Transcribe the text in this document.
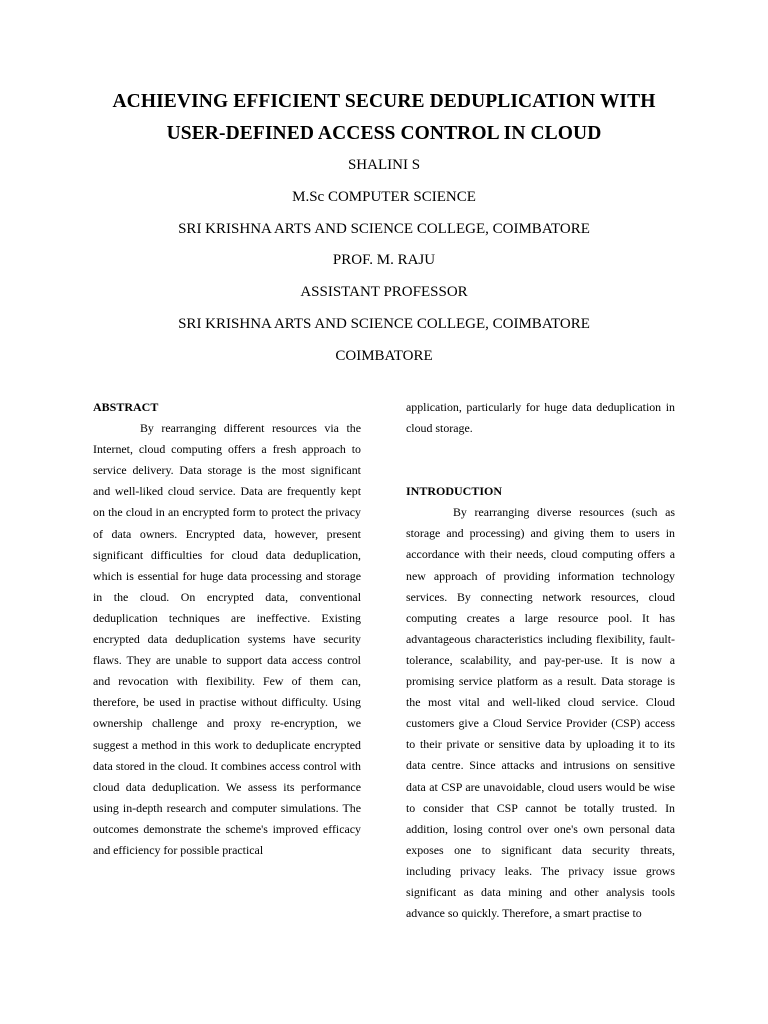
ACHIEVING EFFICIENT SECURE DEDUPLICATION WITH

USER-DEFINED ACCESS CONTROL IN CLOUD

SHALINI S

M.Sc COMPUTER SCIENCE

SRI KRISHNA ARTS AND SCIENCE COLLEGE, COIMBATORE

PROF. M. RAJU

ASSISTANT PROFESSOR

SRI KRISHNA ARTS AND SCIENCE COLLEGE, COIMBATORE

COIMBATORE

ABSTRACT

By rearranging different resources via the Internet, cloud computing offers a fresh approach to service delivery. Data storage is the most significant and well-liked cloud service. Data are frequently kept on the cloud in an encrypted form to protect the privacy of data owners. Encrypted data, however, present significant difficulties for cloud data deduplication, which is essential for huge data processing and storage in the cloud. On encrypted data, conventional deduplication techniques are ineffective. Existing encrypted data deduplication systems have security flaws. They are unable to support data access control and revocation with flexibility. Few of them can, therefore, be used in practise without difficulty. Using ownership challenge and proxy re-encryption, we suggest a method in this work to deduplicate encrypted data stored in the cloud. It combines access control with cloud data deduplication. We assess its performance using in-depth research and computer simulations. The outcomes demonstrate the scheme's improved efficacy and efficiency for possible practical

application, particularly for huge data deduplication in cloud storage.

INTRODUCTION

By rearranging diverse resources (such as storage and processing) and giving them to users in accordance with their needs, cloud computing offers a new approach of providing information technology services. By connecting network resources, cloud computing creates a large resource pool. It has advantageous characteristics including flexibility, fault-tolerance, scalability, and pay-per-use. It is now a promising service platform as a result. Data storage is the most vital and well-liked cloud service. Cloud customers give a Cloud Service Provider (CSP) access to their private or sensitive data by uploading it to its data centre. Since attacks and intrusions on sensitive data at CSP are unavoidable, cloud users would be wise to consider that CSP cannot be totally trusted. In addition, losing control over one's own personal data exposes one to significant data security threats, including privacy leaks. The privacy issue grows significant as data mining and other analysis tools advance so quickly. Therefore, a smart practise to
